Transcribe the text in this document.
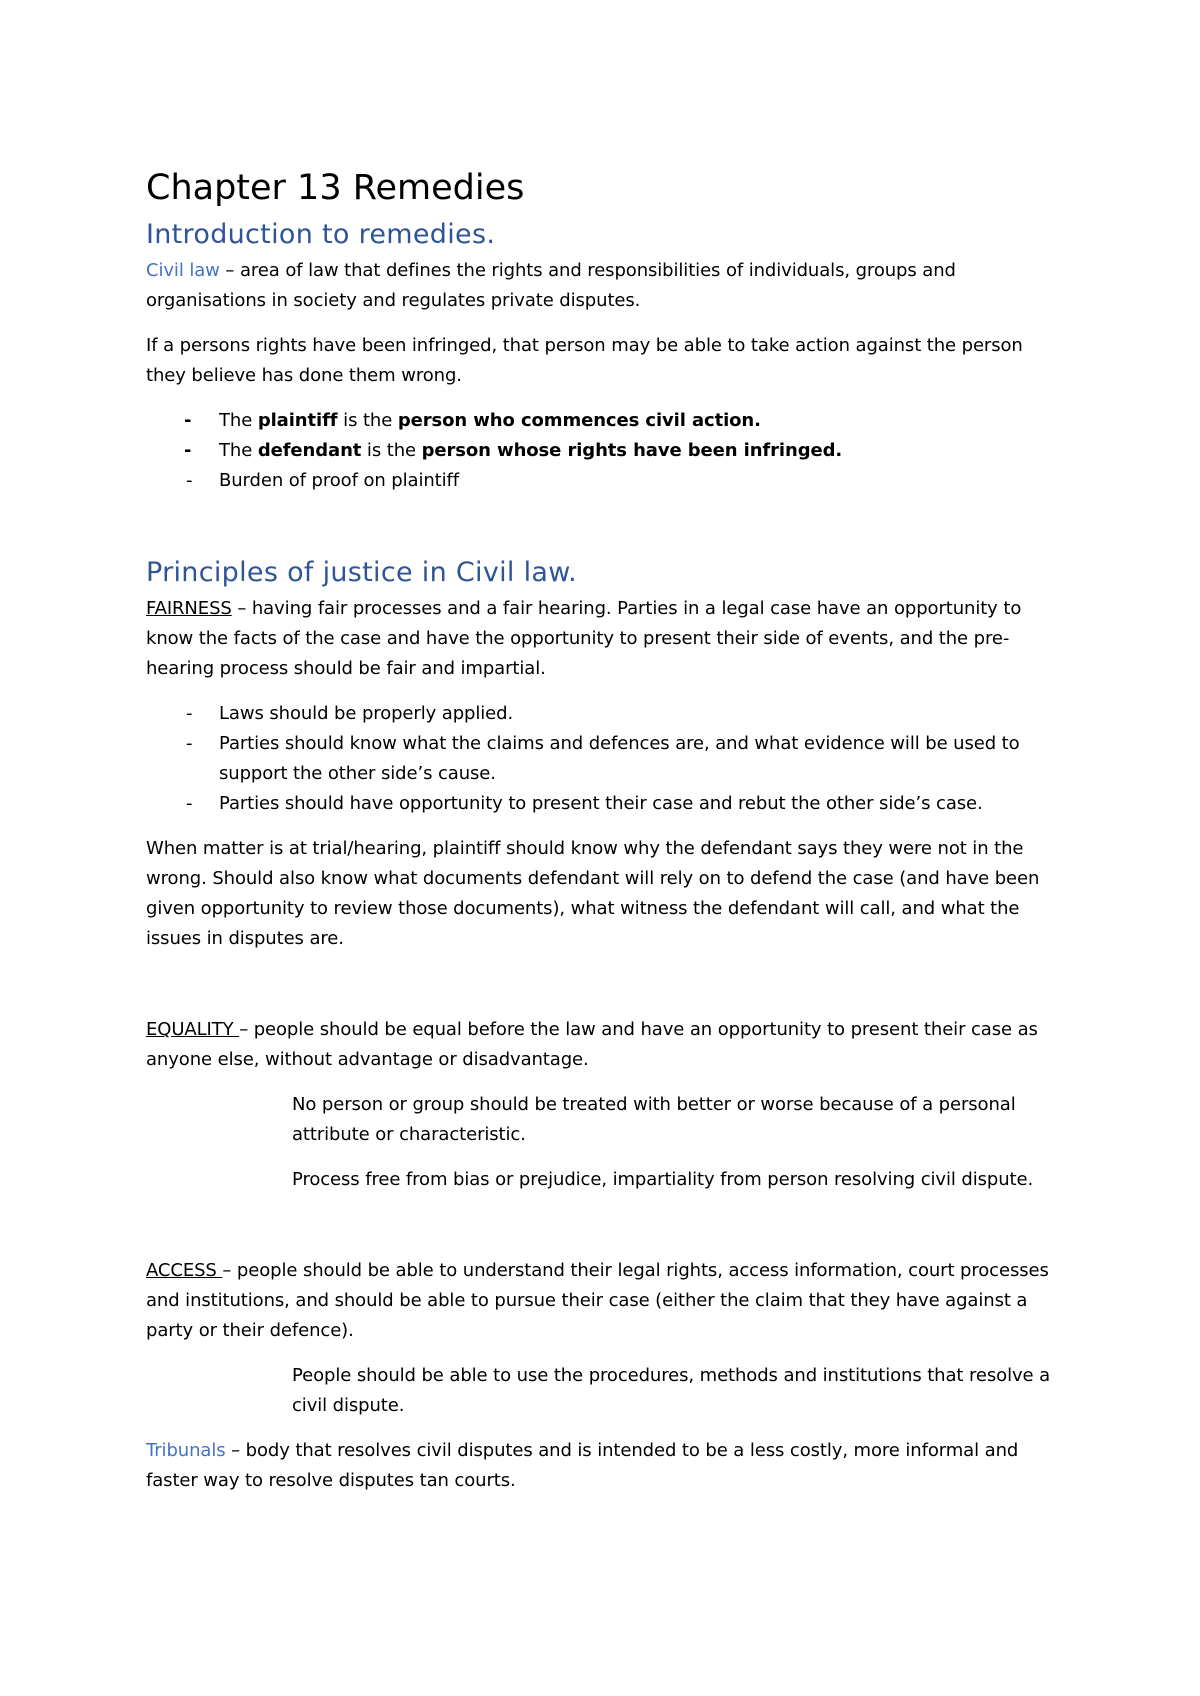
Chapter 13 Remedies
Introduction to remedies.
Civil law – area of law that defines the rights and responsibilities of individuals, groups and
organisations in society and regulates private disputes.
If a persons rights have been infringed, that person may be able to take action against the person
they believe has done them wrong.
- The plaintiff is the person who commences civil action.
- The defendant is the person whose rights have been infringed.
- Burden of proof on plaintiff
Principles of justice in Civil law.
FAIRNESS – having fair processes and a fair hearing. Parties in a legal case have an opportunity to
know the facts of the case and have the opportunity to present their side of events, and the pre-
hearing process should be fair and impartial.
- Laws should be properly applied.
- Parties should know what the claims and defences are, and what evidence will be used to
support the other side’s cause.
- Parties should have opportunity to present their case and rebut the other side’s case.
When matter is at trial/hearing, plaintiff should know why the defendant says they were not in the
wrong. Should also know what documents defendant will rely on to defend the case (and have been
given opportunity to review those documents), what witness the defendant will call, and what the
issues in disputes are.
EQUALITY – people should be equal before the law and have an opportunity to present their case as
anyone else, without advantage or disadvantage.
No person or group should be treated with better or worse because of a personal
attribute or characteristic.
Process free from bias or prejudice, impartiality from person resolving civil dispute.
ACCESS – people should be able to understand their legal rights, access information, court processes
and institutions, and should be able to pursue their case (either the claim that they have against a
party or their defence).
People should be able to use the procedures, methods and institutions that resolve a
civil dispute.
Tribunals – body that resolves civil disputes and is intended to be a less costly, more informal and
faster way to resolve disputes tan courts.
